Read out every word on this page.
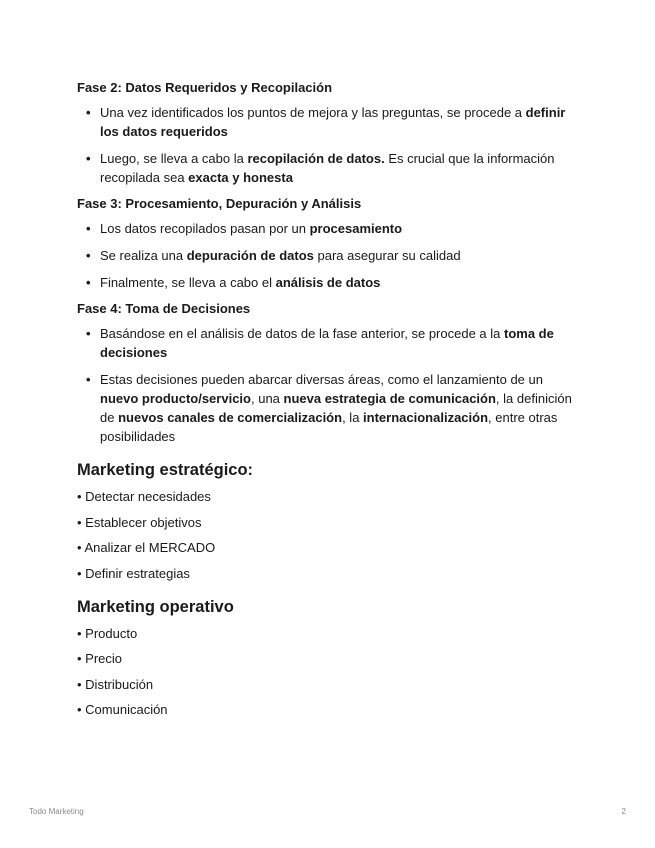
Fase 2: Datos Requeridos y Recopilación
• Una vez identificados los puntos de mejora y las preguntas, se procede a definir los datos requeridos
• Luego, se lleva a cabo la recopilación de datos. Es crucial que la información recopilada sea exacta y honesta
Fase 3: Procesamiento, Depuración y Análisis
• Los datos recopilados pasan por un procesamiento
• Se realiza una depuración de datos para asegurar su calidad
• Finalmente, se lleva a cabo el análisis de datos
Fase 4: Toma de Decisiones
• Basándose en el análisis de datos de la fase anterior, se procede a la toma de decisiones
• Estas decisiones pueden abarcar diversas áreas, como el lanzamiento de un nuevo producto/servicio, una nueva estrategia de comunicación, la definición de nuevos canales de comercialización, la internacionalización, entre otras posibilidades
Marketing estratégico:
• Detectar necesidades
• Establecer objetivos
• Analizar el MERCADO
• Definir estrategias
Marketing operativo
• Producto
• Precio
• Distribución
• Comunicación
Todo Marketing	2
